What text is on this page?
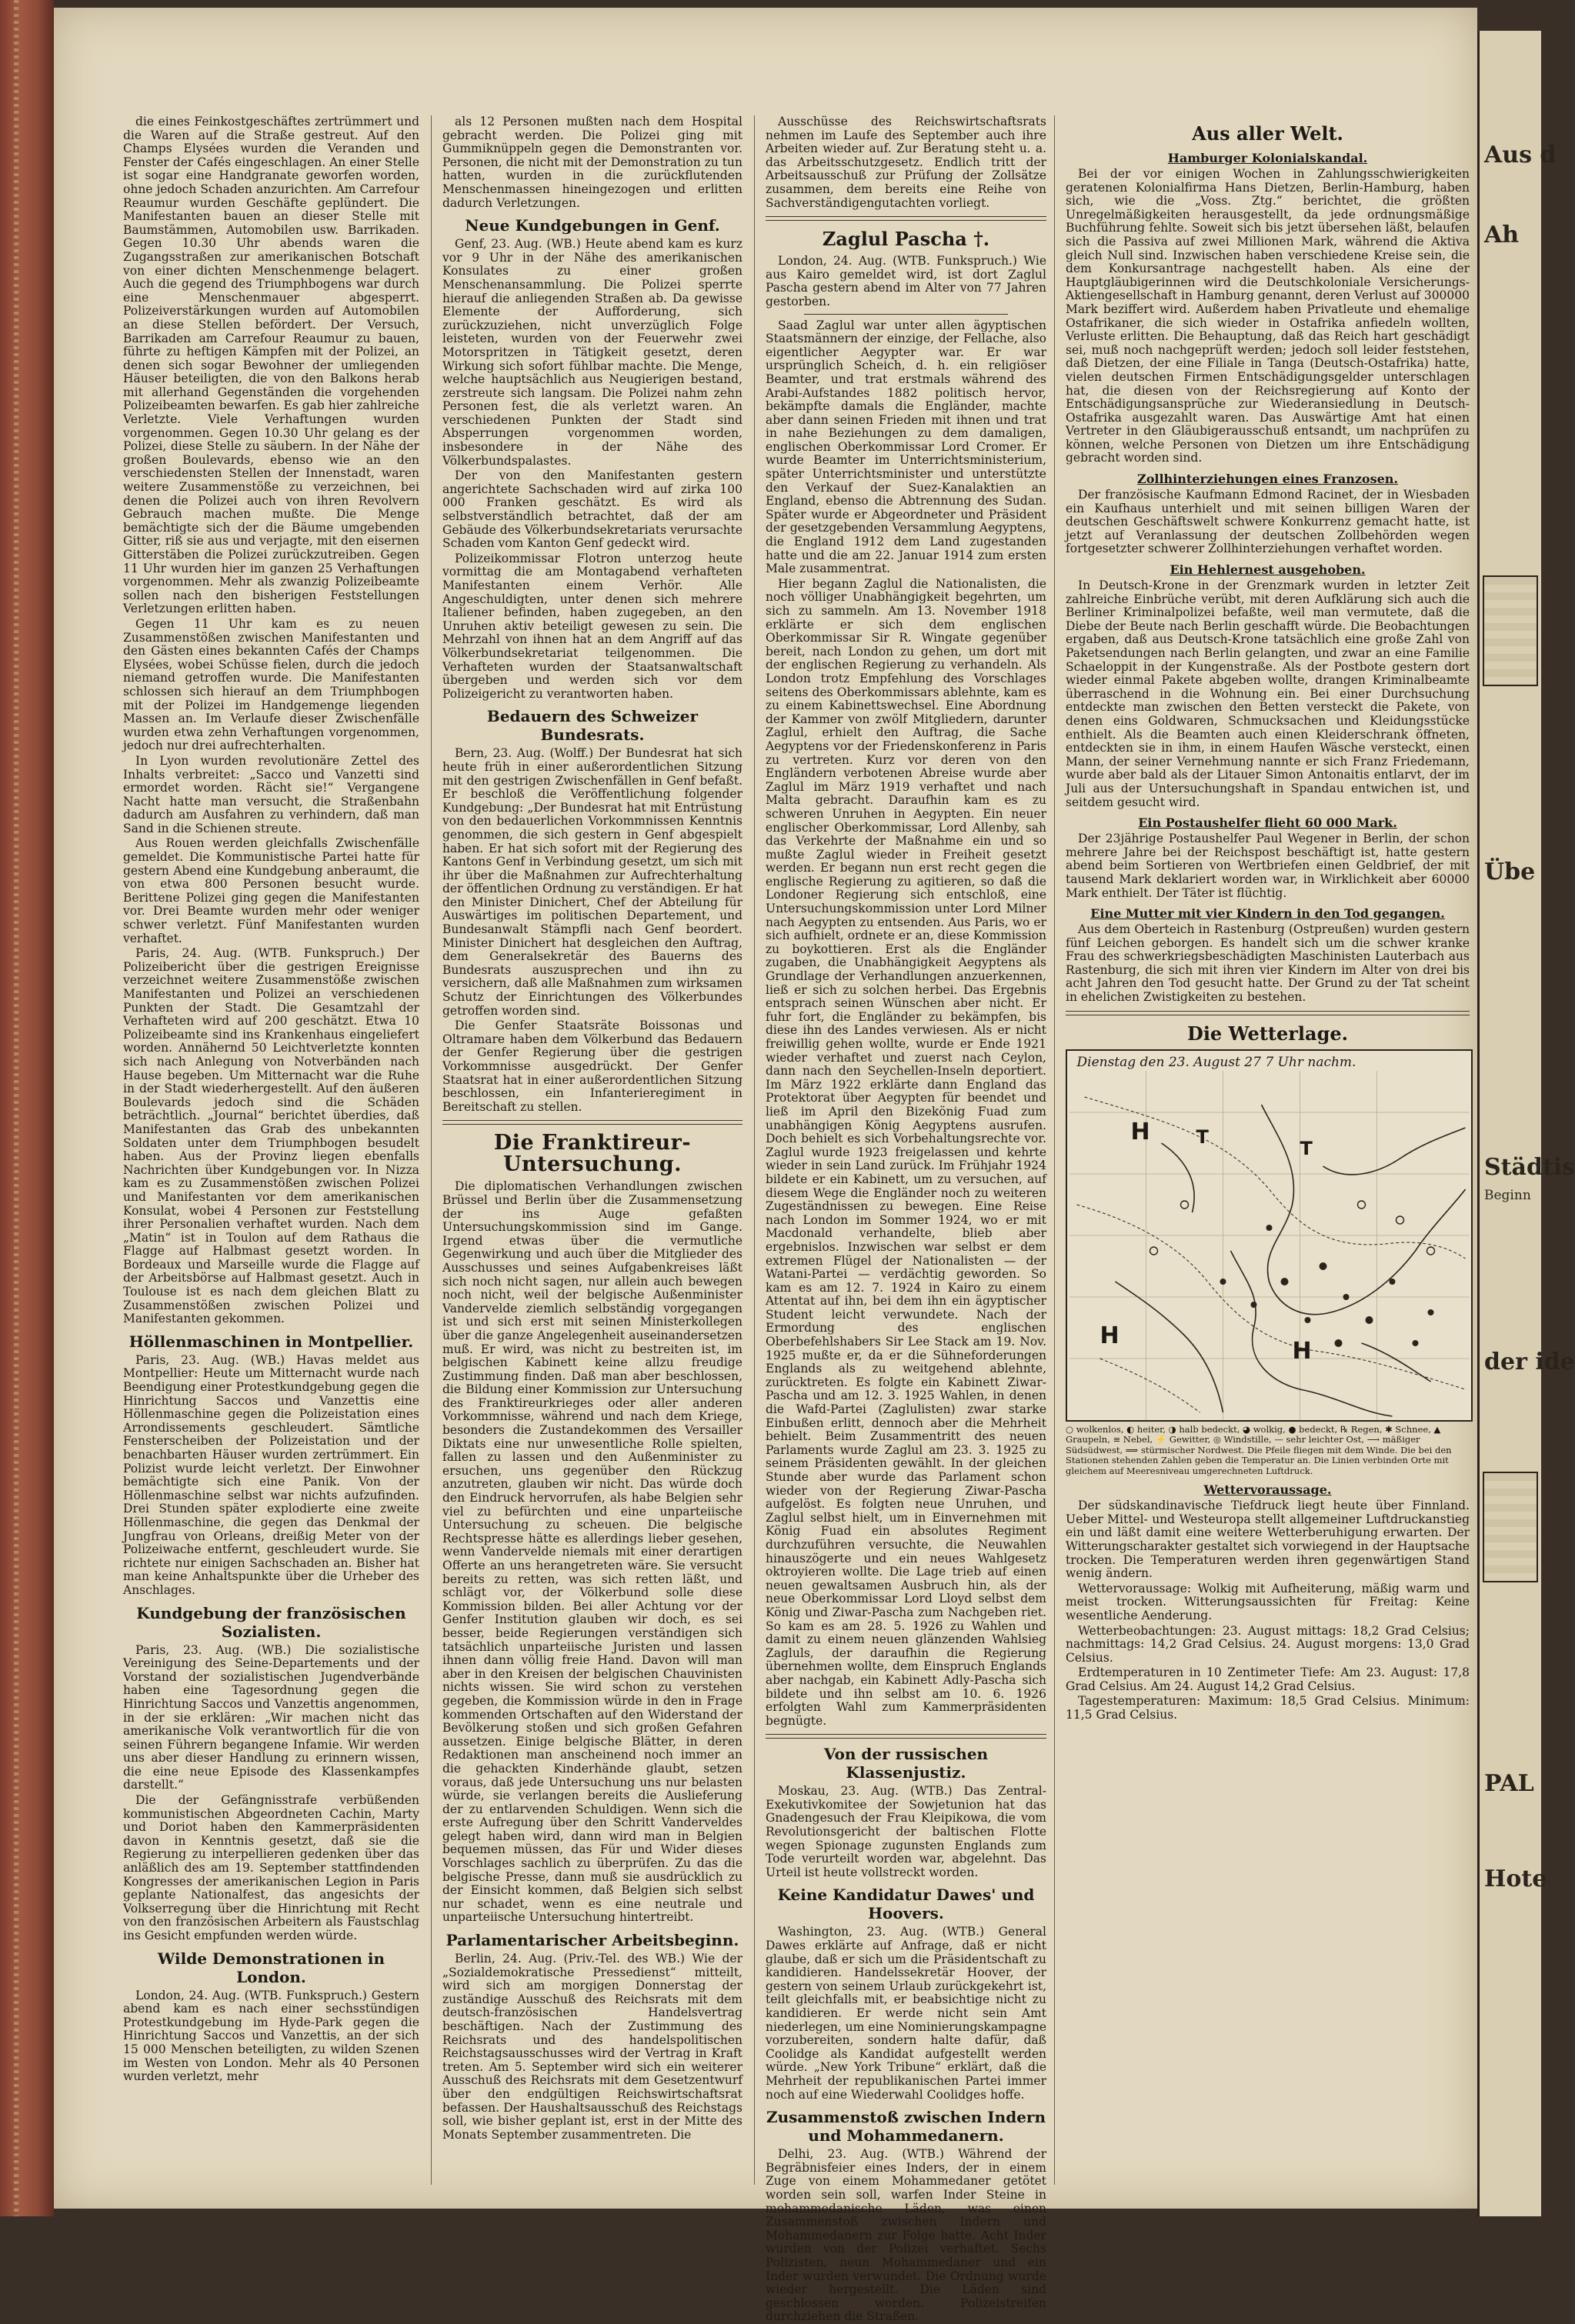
die eines Feinkostgeschäftes zertrümmert und die Waren auf die Straße gestreut. Auf den Champs Elysées wurden die Veranden und Fenster der Cafés eingeschlagen. An einer Stelle ist sogar eine Handgranate geworfen worden, ohne jedoch Schaden anzurichten. Am Carrefour Reaumur wurden Geschäfte geplündert. Die Manifestanten bauen an dieser Stelle mit Baumstämmen, Automobilen usw. Barrikaden. Gegen 10.30 Uhr abends waren die Zugangsstraßen zur amerikanischen Botschaft von einer dichten Menschenmenge belagert. Auch die gegend des Triumphbogens war durch eine Menschenmauer abgesperrt. Polizeiverstärkungen wurden auf Automobilen an diese Stellen befördert. Der Versuch, Barrikaden am Carrefour Reaumur zu bauen, führte zu heftigen Kämpfen mit der Polizei, an denen sich sogar Bewohner der umliegenden Häuser beteiligten, die von den Balkons herab mit allerhand Gegenständen die vorgehenden Polizeibeamten bewarfen. Es gab hier zahlreiche Verletzte. Viele Verhaftungen wurden vorgenommen. Gegen 10.30 Uhr gelang es der Polizei, diese Stelle zu säubern. In der Nähe der großen Boulevards, ebenso wie an den verschiedensten Stellen der Innenstadt, waren weitere Zusammenstöße zu verzeichnen, bei denen die Polizei auch von ihren Revolvern Gebrauch machen mußte. Die Menge bemächtigte sich der die Bäume umgebenden Gitter, riß sie aus und verjagte, mit den eisernen Gitterstäben die Polizei zurückzutreiben. Gegen 11 Uhr wurden hier im ganzen 25 Verhaftungen vorgenommen. Mehr als zwanzig Polizeibeamte sollen nach den bisherigen Feststellungen Verletzungen erlitten haben.

Gegen 11 Uhr kam es zu neuen Zusammenstößen zwischen Manifestanten und den Gästen eines bekannten Cafés der Champs Elysées, wobei Schüsse fielen, durch die jedoch niemand getroffen wurde. Die Manifestanten schlossen sich hierauf an dem Triumphbogen mit der Polizei im Handgemenge liegenden Massen an. Im Verlaufe dieser Zwischenfälle wurden etwa zehn Verhaftungen vorgenommen, jedoch nur drei aufrechterhalten.

In Lyon wurden revolutionäre Zettel des Inhalts verbreitet: „Sacco und Vanzetti sind ermordet worden. Rächt sie!“ Vergangene Nacht hatte man versucht, die Straßenbahn dadurch am Ausfahren zu verhindern, daß man Sand in die Schienen streute.

Aus Rouen werden gleichfalls Zwischenfälle gemeldet. Die Kommunistische Partei hatte für gestern Abend eine Kundgebung anberaumt, die von etwa 800 Personen besucht wurde. Berittene Polizei ging gegen die Manifestanten vor. Drei Beamte wurden mehr oder weniger schwer verletzt. Fünf Manifestanten wurden verhaftet.

Paris, 24. Aug. (WTB. Funkspruch.) Der Polizeibericht über die gestrigen Ereignisse verzeichnet weitere Zusammenstöße zwischen Manifestanten und Polizei an verschiedenen Punkten der Stadt. Die Gesamtzahl der Verhafteten wird auf 200 geschätzt. Etwa 10 Polizeibeamte sind ins Krankenhaus eingeliefert worden. Annähernd 50 Leichtverletzte konnten sich nach Anlegung von Notverbänden nach Hause begeben. Um Mitternacht war die Ruhe in der Stadt wiederhergestellt. Auf den äußeren Boulevards jedoch sind die Schäden beträchtlich. „Journal“ berichtet überdies, daß Manifestanten das Grab des unbekannten Soldaten unter dem Triumphbogen besudelt haben. Aus der Provinz liegen ebenfalls Nachrichten über Kundgebungen vor. In Nizza kam es zu Zusammenstößen zwischen Polizei und Manifestanten vor dem amerikanischen Konsulat, wobei 4 Personen zur Feststellung ihrer Personalien verhaftet wurden. Nach dem „Matin“ ist in Toulon auf dem Rathaus die Flagge auf Halbmast gesetzt worden. In Bordeaux und Marseille wurde die Flagge auf der Arbeitsbörse auf Halbmast gesetzt. Auch in Toulouse ist es nach dem gleichen Blatt zu Zusammenstößen zwischen Polizei und Manifestanten gekommen.

Höllenmaschinen in Montpellier.

Paris, 23. Aug. (WB.) Havas meldet aus Montpellier: Heute um Mitternacht wurde nach Beendigung einer Protestkundgebung gegen die Hinrichtung Saccos und Vanzettis eine Höllenmaschine gegen die Polizeistation eines Arrondissements geschleudert. Sämtliche Fensterscheiben der Polizeistation und der benachbarten Häuser wurden zertrümmert. Ein Polizist wurde leicht verletzt. Der Einwohner bemächtigte sich eine Panik. Von der Höllenmaschine selbst war nichts aufzufinden. Drei Stunden später explodierte eine zweite Höllenmaschine, die gegen das Denkmal der Jungfrau von Orleans, dreißig Meter von der Polizeiwache entfernt, geschleudert wurde. Sie richtete nur einigen Sachschaden an. Bisher hat man keine Anhaltspunkte über die Urheber des Anschlages.

Kundgebung der französischen Sozialisten.

Paris, 23. Aug. (WB.) Die sozialistische Vereinigung des Seine-Departements und der Vorstand der sozialistischen Jugendverbände haben eine Tagesordnung gegen die Hinrichtung Saccos und Vanzettis angenommen, in der sie erklären: „Wir machen nicht das amerikanische Volk verantwortlich für die von seinen Führern begangene Infamie. Wir werden uns aber dieser Handlung zu erinnern wissen, die eine neue Episode des Klassenkampfes darstellt.“

Die der Gefängnisstrafe verbüßenden kommunistischen Abgeordneten Cachin, Marty und Doriot haben den Kammerpräsidenten davon in Kenntnis gesetzt, daß sie die Regierung zu interpellieren gedenken über das anläßlich des am 19. September stattfindenden Kongresses der amerikanischen Legion in Paris geplante Nationalfest, das angesichts der Volkserregung über die Hinrichtung mit Recht von den französischen Arbeitern als Faustschlag ins Gesicht empfunden werden würde.

Wilde Demonstrationen in London.

London, 24. Aug. (WTB. Funkspruch.) Gestern abend kam es nach einer sechsstündigen Protestkundgebung im Hyde-Park gegen die Hinrichtung Saccos und Vanzettis, an der sich 15 000 Menschen beteiligten, zu wilden Szenen im Westen von London. Mehr als 40 Personen wurden verletzt, mehr

als 12 Personen mußten nach dem Hospital gebracht werden. Die Polizei ging mit Gummiknüppeln gegen die Demonstranten vor. Personen, die nicht mit der Demonstration zu tun hatten, wurden in die zurückflutenden Menschenmassen hineingezogen und erlitten dadurch Verletzungen.

Neue Kundgebungen in Genf.

Genf, 23. Aug. (WB.) Heute abend kam es kurz vor 9 Uhr in der Nähe des amerikanischen Konsulates zu einer großen Menschenansammlung. Die Polizei sperrte hierauf die anliegenden Straßen ab. Da gewisse Elemente der Aufforderung, sich zurückzuziehen, nicht unverzüglich Folge leisteten, wurden von der Feuerwehr zwei Motorspritzen in Tätigkeit gesetzt, deren Wirkung sich sofort fühlbar machte. Die Menge, welche hauptsächlich aus Neugierigen bestand, zerstreute sich langsam. Die Polizei nahm zehn Personen fest, die als verletzt waren. An verschiedenen Punkten der Stadt sind Absperrungen vorgenommen worden, insbesondere in der Nähe des Völkerbundspalastes.

Der von den Manifestanten gestern angerichtete Sachschaden wird auf zirka 100 000 Franken geschätzt. Es wird als selbstverständlich betrachtet, daß der am Gebäude des Völkerbundsekretariats verursachte Schaden vom Kanton Genf gedeckt wird.

Polizeikommissar Flotron unterzog heute vormittag die am Montagabend verhafteten Manifestanten einem Verhör. Alle Angeschuldigten, unter denen sich mehrere Italiener befinden, haben zugegeben, an den Unruhen aktiv beteiligt gewesen zu sein. Die Mehrzahl von ihnen hat an dem Angriff auf das Völkerbundsekretariat teilgenommen. Die Verhafteten wurden der Staatsanwaltschaft übergeben und werden sich vor dem Polizeigericht zu verantworten haben.

Bedauern des Schweizer Bundesrats.

Bern, 23. Aug. (Wolff.) Der Bundesrat hat sich heute früh in einer außerordentlichen Sitzung mit den gestrigen Zwischenfällen in Genf befaßt. Er beschloß die Veröffentlichung folgender Kundgebung: „Der Bundesrat hat mit Entrüstung von den bedauerlichen Vorkommnissen Kenntnis genommen, die sich gestern in Genf abgespielt haben. Er hat sich sofort mit der Regierung des Kantons Genf in Verbindung gesetzt, um sich mit ihr über die Maßnahmen zur Aufrechterhaltung der öffentlichen Ordnung zu verständigen. Er hat den Minister Dinichert, Chef der Abteilung für Auswärtiges im politischen Departement, und Bundesanwalt Stämpfli nach Genf beordert. Minister Dinichert hat desgleichen den Auftrag, dem Generalsekretär des Bauerns des Bundesrats auszusprechen und ihn zu versichern, daß alle Maßnahmen zum wirksamen Schutz der Einrichtungen des Völkerbundes getroffen worden sind.

Die Genfer Staatsräte Boissonas und Oltramare haben dem Völkerbund das Bedauern der Genfer Regierung über die gestrigen Vorkommnisse ausgedrückt. Der Genfer Staatsrat hat in einer außerordentlichen Sitzung beschlossen, ein Infanterieregiment in Bereitschaft zu stellen.

Die Franktireur-Untersuchung.

Die diplomatischen Verhandlungen zwischen Brüssel und Berlin über die Zusammensetzung der ins Auge gefaßten Untersuchungskommission sind im Gange. Irgend etwas über die vermutliche Gegenwirkung und auch über die Mitglieder des Ausschusses und seines Aufgabenkreises läßt sich noch nicht sagen, nur allein auch bewegen noch nicht, weil der belgische Außenminister Vandervelde ziemlich selbständig vorgegangen ist und sich erst mit seinen Ministerkollegen über die ganze Angelegenheit auseinandersetzen muß. Er wird, was nicht zu bestreiten ist, im belgischen Kabinett keine allzu freudige Zustimmung finden. Daß man aber beschlossen, die Bildung einer Kommission zur Untersuchung des Franktireurkrieges oder aller anderen Vorkommnisse, während und nach dem Kriege, besonders die Zustandekommen des Versailler Diktats eine nur unwesentliche Rolle spielten, fallen zu lassen und den Außenminister zu ersuchen, uns gegenüber den Rückzug anzutreten, glauben wir nicht. Das würde doch den Eindruck hervorrufen, als habe Belgien sehr viel zu befürchten und eine unparteiische Untersuchung zu scheuen. Die belgische Rechtspresse hätte es allerdings lieber gesehen, wenn Vandervelde niemals mit einer derartigen Offerte an uns herangetreten wäre. Sie versucht bereits zu retten, was sich retten läßt, und schlägt vor, der Völkerbund solle diese Kommission bilden. Bei aller Achtung vor der Genfer Institution glauben wir doch, es sei besser, beide Regierungen verständigen sich tatsächlich unparteiische Juristen und lassen ihnen dann völlig freie Hand. Davon will man aber in den Kreisen der belgischen Chauvinisten nichts wissen. Sie wird schon zu verstehen gegeben, die Kommission würde in den in Frage kommenden Ortschaften auf den Widerstand der Bevölkerung stoßen und sich großen Gefahren aussetzen. Einige belgische Blätter, in deren Redaktionen man anscheinend noch immer an die gehackten Kinderhände glaubt, setzen voraus, daß jede Untersuchung uns nur belasten würde, sie verlangen bereits die Auslieferung der zu entlarvenden Schuldigen. Wenn sich die erste Aufregung über den Schritt Vanderveldes gelegt haben wird, dann wird man in Belgien bequemen müssen, das Für und Wider dieses Vorschlages sachlich zu überprüfen. Zu das die belgische Presse, dann muß sie ausdrücklich zu der Einsicht kommen, daß Belgien sich selbst nur schadet, wenn es eine neutrale und unparteiische Untersuchung hintertreibt.

Parlamentarischer Arbeitsbeginn.

Berlin, 24. Aug. (Priv.-Tel. des WB.) Wie der „Sozialdemokratische Pressedienst“ mitteilt, wird sich am morgigen Donnerstag der zuständige Ausschuß des Reichsrats mit dem deutsch-französischen Handelsvertrag beschäftigen. Nach der Zustimmung des Reichsrats und des handelspolitischen Reichstagsausschusses wird der Vertrag in Kraft treten. Am 5. September wird sich ein weiterer Ausschuß des Reichsrats mit dem Gesetzentwurf über den endgültigen Reichswirtschaftsrat befassen. Der Haushaltsausschuß des Reichstags soll, wie bisher geplant ist, erst in der Mitte des Monats September zusammentreten. Die

Ausschüsse des Reichswirtschaftsrats nehmen im Laufe des September auch ihre Arbeiten wieder auf. Zur Beratung steht u. a. das Arbeitsschutzgesetz. Endlich tritt der Arbeitsausschuß zur Prüfung der Zollsätze zusammen, dem bereits eine Reihe von Sachverständigengutachten vorliegt.

Zaglul Pascha †.

London, 24. Aug. (WTB. Funkspruch.) Wie aus Kairo gemeldet wird, ist dort Zaglul Pascha gestern abend im Alter von 77 Jahren gestorben.

Saad Zaglul war unter allen ägyptischen Staatsmännern der einzige, der Fellache, also eigentlicher Aegypter war. Er war ursprünglich Scheich, d. h. ein religiöser Beamter, und trat erstmals während des Arabi-Aufstandes 1882 politisch hervor, bekämpfte damals die Engländer, machte aber dann seinen Frieden mit ihnen und trat in nahe Beziehungen zu dem damaligen, englischen Oberkommissar Lord Cromer. Er wurde Beamter im Unterrichtsministerium, später Unterrichtsminister und unterstützte den Verkauf der Suez-Kanalaktien an England, ebenso die Abtrennung des Sudan. Später wurde er Abgeordneter und Präsident der gesetzgebenden Versammlung Aegyptens, die England 1912 dem Land zugestanden hatte und die am 22. Januar 1914 zum ersten Male zusammentrat.

Hier begann Zaglul die Nationalisten, die noch völliger Unabhängigkeit begehrten, um sich zu sammeln. Am 13. November 1918 erklärte er sich dem englischen Oberkommissar Sir R. Wingate gegenüber bereit, nach London zu gehen, um dort mit der englischen Regierung zu verhandeln. Als London trotz Empfehlung des Vorschlages seitens des Oberkommissars ablehnte, kam es zu einem Kabinettswechsel. Eine Abordnung der Kammer von zwölf Mitgliedern, darunter Zaglul, erhielt den Auftrag, die Sache Aegyptens vor der Friedenskonferenz in Paris zu vertreten. Kurz vor deren von den Engländern verbotenen Abreise wurde aber Zaglul im März 1919 verhaftet und nach Malta gebracht. Daraufhin kam es zu schweren Unruhen in Aegypten. Ein neuer englischer Oberkommissar, Lord Allenby, sah das Verkehrte der Maßnahme ein und so mußte Zaglul wieder in Freiheit gesetzt werden. Er begann nun erst recht gegen die englische Regierung zu agitieren, so daß die Londoner Regierung sich entschloß, eine Untersuchungskommission unter Lord Milner nach Aegypten zu entsenden. Aus Paris, wo er sich aufhielt, ordnete er an, diese Kommission zu boykottieren. Erst als die Engländer zugaben, die Unabhängigkeit Aegyptens als Grundlage der Verhandlungen anzuerkennen, ließ er sich zu solchen herbei. Das Ergebnis entsprach seinen Wünschen aber nicht. Er fuhr fort, die Engländer zu bekämpfen, bis diese ihn des Landes verwiesen. Als er nicht freiwillig gehen wollte, wurde er Ende 1921 wieder verhaftet und zuerst nach Ceylon, dann nach den Seychellen-Inseln deportiert. Im März 1922 erklärte dann England das Protektorat über Aegypten für beendet und ließ im April den Bizekönig Fuad zum unabhängigen König Aegyptens ausrufen. Doch behielt es sich Vorbehaltungsrechte vor. Zaglul wurde 1923 freigelassen und kehrte wieder in sein Land zurück. Im Frühjahr 1924 bildete er ein Kabinett, um zu versuchen, auf diesem Wege die Engländer noch zu weiteren Zugeständnissen zu bewegen. Eine Reise nach London im Sommer 1924, wo er mit Macdonald verhandelte, blieb aber ergebnislos. Inzwischen war selbst er dem extremen Flügel der Nationalisten — der Watani-Partei — verdächtig geworden. So kam es am 12. 7. 1924 in Kairo zu einem Attentat auf ihn, bei dem ihn ein ägyptischer Student leicht verwundete. Nach der Ermordung des englischen Oberbefehlshabers Sir Lee Stack am 19. Nov. 1925 mußte er, da er die Sühneforderungen Englands als zu weitgehend ablehnte, zurücktreten. Es folgte ein Kabinett Ziwar-Pascha und am 12. 3. 1925 Wahlen, in denen die Wafd-Partei (Zaglulisten) zwar starke Einbußen erlitt, dennoch aber die Mehrheit behielt. Beim Zusammentritt des neuen Parlaments wurde Zaglul am 23. 3. 1925 zu seinem Präsidenten gewählt. In der gleichen Stunde aber wurde das Parlament schon wieder von der Regierung Ziwar-Pascha aufgelöst. Es folgten neue Unruhen, und Zaglul selbst hielt, um in Einvernehmen mit König Fuad ein absolutes Regiment durchzuführen versuchte, die Neuwahlen hinauszögerte und ein neues Wahlgesetz oktroyieren wollte. Die Lage trieb auf einen neuen gewaltsamen Ausbruch hin, als der neue Oberkommissar Lord Lloyd selbst dem König und Ziwar-Pascha zum Nachgeben riet. So kam es am 28. 5. 1926 zu Wahlen und damit zu einem neuen glänzenden Wahlsieg Zagluls, der daraufhin die Regierung übernehmen wollte, dem Einspruch Englands aber nachgab, ein Kabinett Adly-Pascha sich bildete und ihn selbst am 10. 6. 1926 erfolgten Wahl zum Kammerpräsidenten begnügte.

Von der russischen Klassenjustiz.

Moskau, 23. Aug. (WTB.) Das Zentral-Exekutivkomitee der Sowjetunion hat das Gnadengesuch der Frau Kleipikowa, die vom Revolutionsgericht der baltischen Flotte wegen Spionage zugunsten Englands zum Tode verurteilt worden war, abgelehnt. Das Urteil ist heute vollstreckt worden.

Keine Kandidatur Dawes' und Hoovers.

Washington, 23. Aug. (WTB.) General Dawes erklärte auf Anfrage, daß er nicht glaube, daß er sich um die Präsidentschaft zu kandidieren. Handelssekretär Hoover, der gestern von seinem Urlaub zurückgekehrt ist, teilt gleichfalls mit, er beabsichtige nicht zu kandidieren. Er werde nicht sein Amt niederlegen, um eine Nominierungskampagne vorzubereiten, sondern halte dafür, daß Coolidge als Kandidat aufgestellt werden würde. „New York Tribune“ erklärt, daß die Mehrheit der republikanischen Partei immer noch auf eine Wiederwahl Coolidges hoffe.

Zusammenstoß zwischen Indern und Mohammedanern.

Delhi, 23. Aug. (WTB.) Während der Begräbnisfeier eines Inders, der in einem Zuge von einem Mohammedaner getötet worden sein soll, warfen Inder Steine in mohammedanische Läden, was einen Zusammenstoß zwischen Indern und Mohammedanern zur Folge hatte. Acht Inder wurden von der Polizei verhaftet. Sechs Polizisten, neun Mohammedaner und ein Inder wurden verwundet. Die Ordnung wurde wieder hergestellt. Die Läden sind geschlossen worden. Polizeistreifen durchziehen die Straßen.

Aus aller Welt.
Hamburger Kolonialskandal.

Bei der vor einigen Wochen in Zahlungsschwierigkeiten geratenen Kolonialfirma Hans Dietzen, Berlin-Hamburg, haben sich, wie die „Voss. Ztg.“ berichtet, die größten Unregelmäßigkeiten herausgestellt, da jede ordnungsmäßige Buchführung fehlte. Soweit sich bis jetzt übersehen läßt, belaufen sich die Passiva auf zwei Millionen Mark, während die Aktiva gleich Null sind. Inzwischen haben verschiedene Kreise sein, die dem Konkursantrage nachgestellt haben. Als eine der Hauptgläubigerinnen wird die Deutschkoloniale Versicherungs-Aktiengesellschaft in Hamburg genannt, deren Verlust auf 300000 Mark beziffert wird. Außerdem haben Privatleute und ehemalige Ostafrikaner, die sich wieder in Ostafrika anfiedeln wollten, Verluste erlitten. Die Behauptung, daß das Reich hart geschädigt sei, muß noch nachgeprüft werden; jedoch soll leider feststehen, daß Dietzen, der eine Filiale in Tanga (Deutsch-Ostafrika) hatte, vielen deutschen Firmen Entschädigungsgelder unterschlagen hat, die diesen von der Reichsregierung auf Konto der Entschädigungsansprüche zur Wiederansiedlung in Deutsch-Ostafrika ausgezahlt waren. Das Auswärtige Amt hat einen Vertreter in den Gläubigerausschuß entsandt, um nachprüfen zu können, welche Personen von Dietzen um ihre Entschädigung gebracht worden sind.

Zollhinterziehungen eines Franzosen.

Der französische Kaufmann Edmond Racinet, der in Wiesbaden ein Kaufhaus unterhielt und mit seinen billigen Waren der deutschen Geschäftswelt schwere Konkurrenz gemacht hatte, ist jetzt auf Veranlassung der deutschen Zollbehörden wegen fortgesetzter schwerer Zollhinterziehungen verhaftet worden.

Ein Hehlernest ausgehoben.

In Deutsch-Krone in der Grenzmark wurden in letzter Zeit zahlreiche Einbrüche verübt, mit deren Aufklärung sich auch die Berliner Kriminalpolizei befaßte, weil man vermutete, daß die Diebe der Beute nach Berlin geschafft würde. Die Beobachtungen ergaben, daß aus Deutsch-Krone tatsächlich eine große Zahl von Paketsendungen nach Berlin gelangten, und zwar an eine Familie Schaeloppit in der Kungenstraße. Als der Postbote gestern dort wieder einmal Pakete abgeben wollte, drangen Kriminalbeamte überraschend in die Wohnung ein. Bei einer Durchsuchung entdeckte man zwischen den Betten versteckt die Pakete, von denen eins Goldwaren, Schmucksachen und Kleidungsstücke enthielt. Als die Beamten auch einen Kleiderschrank öffneten, entdeckten sie in ihm, in einem Haufen Wäsche versteckt, einen Mann, der seiner Vernehmung nannte er sich Franz Friedemann, wurde aber bald als der Litauer Simon Antonaitis entlarvt, der im Juli aus der Untersuchungshaft in Spandau entwichen ist, und seitdem gesucht wird.

Ein Postaushelfer flieht 60 000 Mark.

Der 23jährige Postaushelfer Paul Wegener in Berlin, der schon mehrere Jahre bei der Reichspost beschäftigt ist, hatte gestern abend beim Sortieren von Wertbriefen einen Geldbrief, der mit tausend Mark deklariert worden war, in Wirklichkeit aber 60000 Mark enthielt. Der Täter ist flüchtig.

Eine Mutter mit vier Kindern in den Tod gegangen.

Aus dem Oberteich in Rastenburg (Ostpreußen) wurden gestern fünf Leichen geborgen. Es handelt sich um die schwer kranke Frau des schwerkriegsbeschädigten Maschinisten Lauterbach aus Rastenburg, die sich mit ihren vier Kindern im Alter von drei bis acht Jahren den Tod gesucht hatte. Der Grund zu der Tat scheint in ehelichen Zwistigkeiten zu bestehen.

Die Wetterlage.
Dienstag den 23. August 27 7 Uhr nachm.
H T
T
H
H

○ wolkenlos, ◐ heiter, ◑ halb bedeckt, ◕ wolkig, ● bedeckt, ℞ Regen, ✱ Schnee, ▲ Graupeln, ≡ Nebel, ⚡ Gewitter, ◎ Windstille, — sehr leichter Ost, ⟶ mäßiger Südsüdwest, ⟹ stürmischer Nordwest. Die Pfeile fliegen mit dem Winde. Die bei den Stationen stehenden Zahlen geben die Temperatur an. Die Linien verbinden Orte mit gleichem auf Meeresniveau umgerechneten Luftdruck.

Wettervoraussage.

Der südskandinavische Tiefdruck liegt heute über Finnland. Ueber Mittel- und Westeuropa stellt allgemeiner Luftdruckanstieg ein und läßt damit eine weitere Wetterberuhigung erwarten. Der Witterungscharakter gestaltet sich vorwiegend in der Hauptsache trocken. Die Temperaturen werden ihren gegenwärtigen Stand wenig ändern.

Wettervoraussage: Wolkig mit Aufheiterung, mäßig warm und meist trocken. Witterungsaussichten für Freitag: Keine wesentliche Aenderung.

Wetterbeobachtungen: 23. August mittags: 18,2 Grad Celsius; nachmittags: 14,2 Grad Celsius. 24. August morgens: 13,0 Grad Celsius.

Erdtemperaturen in 10 Zentimeter Tiefe: Am 23. August: 17,8 Grad Celsius. Am 24. August 14,2 Grad Celsius.

Tagestemperaturen: Maximum: 18,5 Grad Celsius. Minimum: 11,5 Grad Celsius.

Aus d
Ah
Übe
Städtis
Beginn
der ide
PAL
Hote
